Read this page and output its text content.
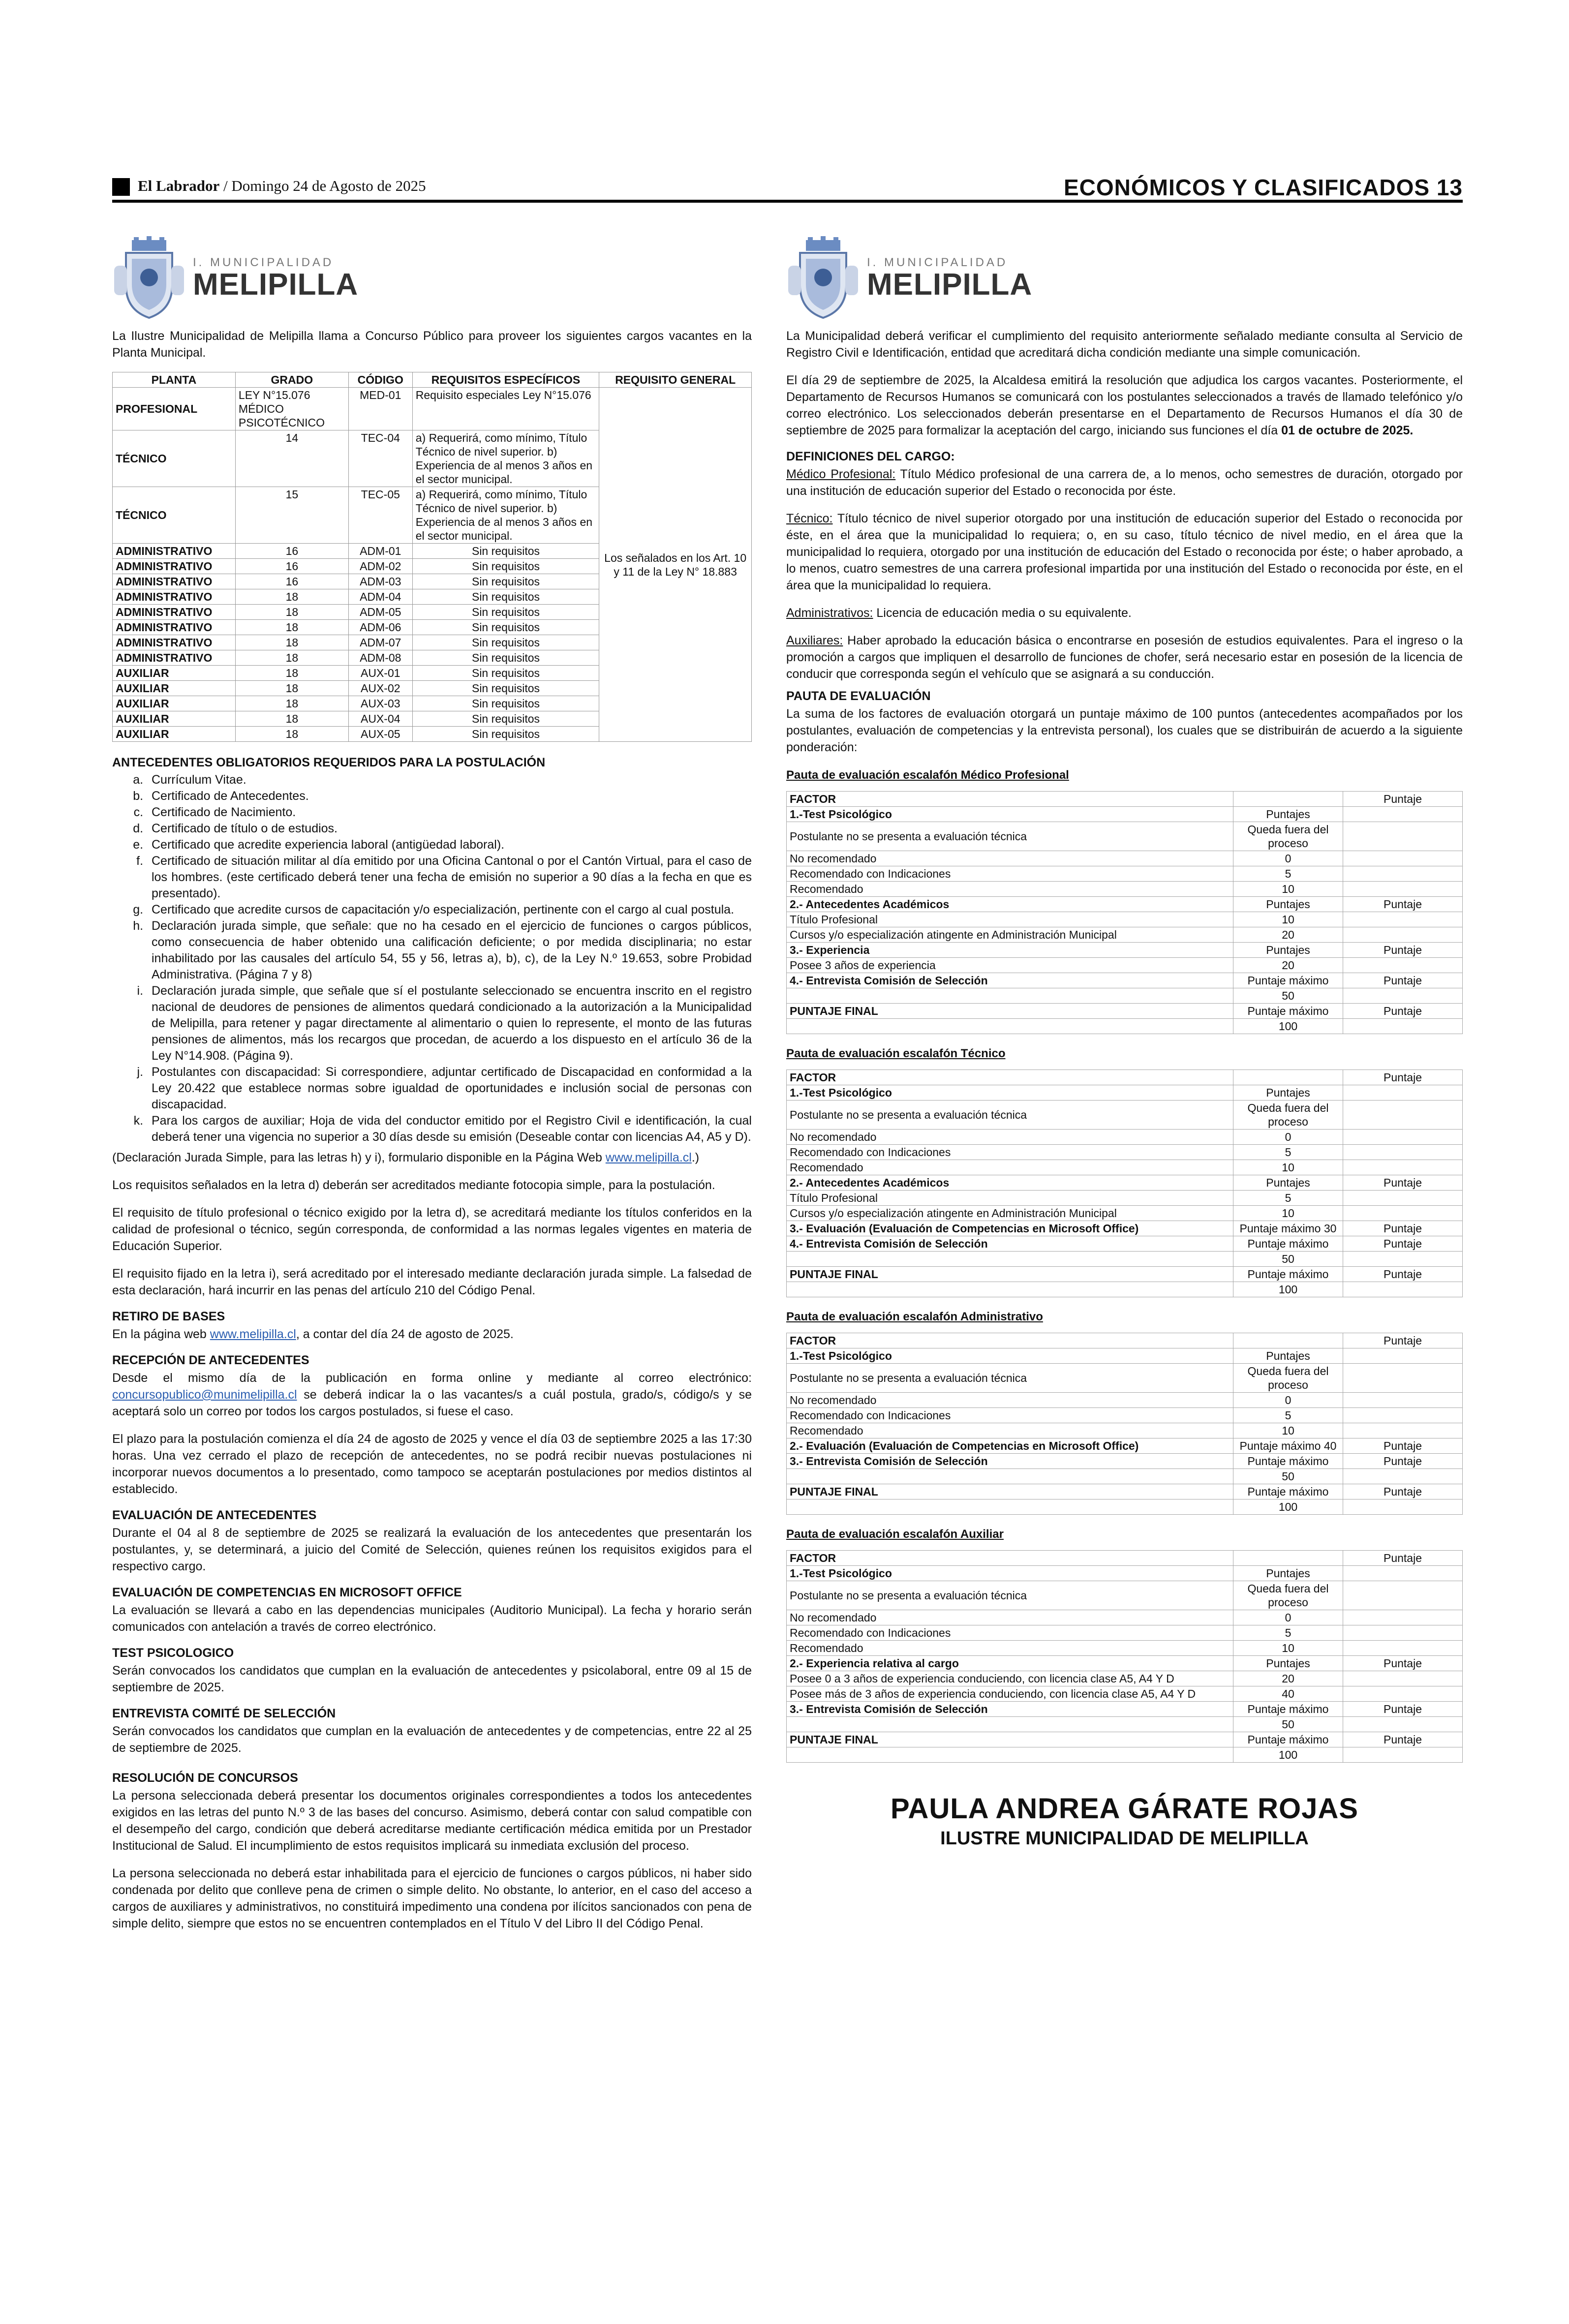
El Labrador / Domingo 24 de Agosto de 2025	ECONÓMICOS Y CLASIFICADOS 13
I. MUNICIPALIDAD
MELIPILLA

La Ilustre Municipalidad de Melipilla llama a Concurso Público para proveer los siguientes cargos vacantes en la Planta Municipal.

PLANTA	GRADO	CÓDIGO	REQUISITOS ESPECÍFICOS	REQUISITO GENERAL
PROFESIONAL	LEY N°15.076 MÉDICO PSICOTÉCNICO	MED-01	Requisito especiales Ley N°15.076	Los señalados en los Art. 10 y 11 de la Ley N° 18.883
TÉCNICO	14	TEC-04	a) Requerirá, como mínimo, Título Técnico de nivel superior. b) Experiencia de al menos 3 años en el sector municipal.	
TÉCNICO	15	TEC-05	a) Requerirá, como mínimo, Título Técnico de nivel superior. b) Experiencia de al menos 3 años en el sector municipal.	
ADMINISTRATIVO	16	ADM-01	Sin requisitos	
ADMINISTRATIVO	16	ADM-02	Sin requisitos	
ADMINISTRATIVO	16	ADM-03	Sin requisitos	
ADMINISTRATIVO	18	ADM-04	Sin requisitos	
ADMINISTRATIVO	18	ADM-05	Sin requisitos	
ADMINISTRATIVO	18	ADM-06	Sin requisitos	
ADMINISTRATIVO	18	ADM-07	Sin requisitos	
ADMINISTRATIVO	18	ADM-08	Sin requisitos	
AUXILIAR	18	AUX-01	Sin requisitos	
AUXILIAR	18	AUX-02	Sin requisitos	
AUXILIAR	18	AUX-03	Sin requisitos	
AUXILIAR	18	AUX-04	Sin requisitos	
AUXILIAR	18	AUX-05	Sin requisitos	
ANTECEDENTES OBLIGATORIOS REQUERIDOS PARA LA POSTULACIÓN
a. Currículum Vitae.
b. Certificado de Antecedentes.
c. Certificado de Nacimiento.
d. Certificado de título o de estudios.
e. Certificado que acredite experiencia laboral (antigüedad laboral).
f. Certificado de situación militar al día emitido por una Oficina Cantonal o por el Cantón Virtual, para el caso de los hombres. (este certificado deberá tener una fecha de emisión no superior a 90 días a la fecha en que es presentado).
g. Certificado que acredite cursos de capacitación y/o especialización, pertinente con el cargo al cual postula.
h. Declaración jurada simple, que señale: que no ha cesado en el ejercicio de funciones o cargos públicos, como consecuencia de haber obtenido una calificación deficiente; o por medida disciplinaria; no estar inhabilitado por las causales del artículo 54, 55 y 56, letras a), b), c), de la Ley N.º 19.653, sobre Probidad Administrativa. (Página 7 y 8)
i. Declaración jurada simple, que señale que sí el postulante seleccionado se encuentra inscrito en el registro nacional de deudores de pensiones de alimentos quedará condicionado a la autorización a la Municipalidad de Melipilla, para retener y pagar directamente al alimentario o quien lo represente, el monto de las futuras pensiones de alimentos, más los recargos que procedan, de acuerdo a los dispuesto en el artículo 36 de la Ley N°14.908. (Página 9).
j. Postulantes con discapacidad: Si correspondiere, adjuntar certificado de Discapacidad en conformidad a la Ley 20.422 que establece normas sobre igualdad de oportunidades e inclusión social de personas con discapacidad.
k. Para los cargos de auxiliar; Hoja de vida del conductor emitido por el Registro Civil e identificación, la cual deberá tener una vigencia no superior a 30 días desde su emisión (Deseable contar con licencias A4, A5 y D).

(Declaración Jurada Simple, para las letras h) y i), formulario disponible en la Página Web www.melipilla.cl.)

Los requisitos señalados en la letra d) deberán ser acreditados mediante fotocopia simple, para la postulación.

El requisito de título profesional o técnico exigido por la letra d), se acreditará mediante los títulos conferidos en la calidad de profesional o técnico, según corresponda, de conformidad a las normas legales vigentes en materia de Educación Superior.

El requisito fijado en la letra i), será acreditado por el interesado mediante declaración jurada simple. La falsedad de esta declaración, hará incurrir en las penas del artículo 210 del Código Penal.

RETIRO DE BASES

En la página web www.melipilla.cl, a contar del día 24 de agosto de 2025.

RECEPCIÓN DE ANTECEDENTES

Desde el mismo día de la publicación en forma online y mediante al correo electrónico: concursopublico@munimelipilla.cl se deberá indicar la o las vacantes/s a cuál postula, grado/s, código/s y se aceptará solo un correo por todos los cargos postulados, si fuese el caso.

El plazo para la postulación comienza el día 24 de agosto de 2025 y vence el día 03 de septiembre 2025 a las 17:30 horas. Una vez cerrado el plazo de recepción de antecedentes, no se podrá recibir nuevas postulaciones ni incorporar nuevos documentos a lo presentado, como tampoco se aceptarán postulaciones por medios distintos al establecido.

EVALUACIÓN DE ANTECEDENTES

Durante el 04 al 8 de septiembre de 2025 se realizará la evaluación de los antecedentes que presentarán los postulantes, y, se determinará, a juicio del Comité de Selección, quienes reúnen los requisitos exigidos para el respectivo cargo.

EVALUACIÓN DE COMPETENCIAS EN MICROSOFT OFFICE

La evaluación se llevará a cabo en las dependencias municipales (Auditorio Municipal). La fecha y horario serán comunicados con antelación a través de correo electrónico.

TEST PSICOLOGICO

Serán convocados los candidatos que cumplan en la evaluación de antecedentes y psicolaboral, entre 09 al 15 de septiembre de 2025.

ENTREVISTA COMITÉ DE SELECCIÓN

Serán convocados los candidatos que cumplan en la evaluación de antecedentes y de competencias, entre 22 al 25 de septiembre de 2025.

RESOLUCIÓN DE CONCURSOS

La persona seleccionada deberá presentar los documentos originales correspondientes a todos los antecedentes exigidos en las letras del punto N.º 3 de las bases del concurso. Asimismo, deberá contar con salud compatible con el desempeño del cargo, condición que deberá acreditarse mediante certificación médica emitida por un Prestador Institucional de Salud. El incumplimiento de estos requisitos implicará su inmediata exclusión del proceso.

La persona seleccionada no deberá estar inhabilitada para el ejercicio de funciones o cargos públicos, ni haber sido condenada por delito que conlleve pena de crimen o simple delito. No obstante, lo anterior, en el caso del acceso a cargos de auxiliares y administrativos, no constituirá impedimento una condena por ilícitos sancionados con pena de simple delito, siempre que estos no se encuentren contemplados en el Título V del Libro II del Código Penal.

I. MUNICIPALIDAD
MELIPILLA

La Municipalidad deberá verificar el cumplimiento del requisito anteriormente señalado mediante consulta al Servicio de Registro Civil e Identificación, entidad que acreditará dicha condición mediante una simple comunicación.

El día 29 de septiembre de 2025, la Alcaldesa emitirá la resolución que adjudica los cargos vacantes. Posteriormente, el Departamento de Recursos Humanos se comunicará con los postulantes seleccionados a través de llamado telefónico y/o correo electrónico. Los seleccionados deberán presentarse en el Departamento de Recursos Humanos el día 30 de septiembre de 2025 para formalizar la aceptación del cargo, iniciando sus funciones el día 01 de octubre de 2025.

DEFINICIONES DEL CARGO:

Médico Profesional: Título Médico profesional de una carrera de, a lo menos, ocho semestres de duración, otorgado por una institución de educación superior del Estado o reconocida por éste.

Técnico: Título técnico de nivel superior otorgado por una institución de educación superior del Estado o reconocida por éste, en el área que la municipalidad lo requiera; o, en su caso, título técnico de nivel medio, en el área que la municipalidad lo requiera, otorgado por una institución de educación del Estado o reconocida por éste; o haber aprobado, a lo menos, cuatro semestres de una carrera profesional impartida por una institución del Estado o reconocida por éste, en el área que la municipalidad lo requiera.

Administrativos: Licencia de educación media o su equivalente.

Auxiliares: Haber aprobado la educación básica o encontrarse en posesión de estudios equivalentes. Para el ingreso o la promoción a cargos que impliquen el desarrollo de funciones de chofer, será necesario estar en posesión de la licencia de conducir que corresponda según el vehículo que se asignará a su conducción.

PAUTA DE EVALUACIÓN

La suma de los factores de evaluación otorgará un puntaje máximo de 100 puntos (antecedentes acompañados por los postulantes, evaluación de competencias y la entrevista personal), los cuales que se distribuirán de acuerdo a la siguiente ponderación:

Pauta de evaluación escalafón Médico Profesional
FACTOR		Puntaje
1.-Test Psicológico	Puntajes	
Postulante no se presenta a evaluación técnica	Queda fuera del proceso	
No recomendado	0	
Recomendado con Indicaciones	5	
Recomendado	10	
2.- Antecedentes Académicos	Puntajes	Puntaje
Título Profesional	10	
Cursos y/o especialización atingente en Administración Municipal	20	
3.- Experiencia	Puntajes	Puntaje
Posee 3 años de experiencia	20	
4.- Entrevista Comisión de Selección	Puntaje máximo	Puntaje
	50	
PUNTAJE FINAL	Puntaje máximo	Puntaje
	100	
Pauta de evaluación escalafón Técnico
FACTOR		Puntaje
1.-Test Psicológico	Puntajes	
Postulante no se presenta a evaluación técnica	Queda fuera del proceso	
No recomendado	0	
Recomendado con Indicaciones	5	
Recomendado	10	
2.- Antecedentes Académicos	Puntajes	Puntaje
Título Profesional	5	
Cursos y/o especialización atingente en Administración Municipal	10	
3.- Evaluación (Evaluación de Competencias en Microsoft Office)	Puntaje máximo 30	Puntaje
4.- Entrevista Comisión de Selección	Puntaje máximo	Puntaje
	50	
PUNTAJE FINAL	Puntaje máximo	Puntaje
	100	
Pauta de evaluación escalafón Administrativo
FACTOR		Puntaje
1.-Test Psicológico	Puntajes	
Postulante no se presenta a evaluación técnica	Queda fuera del proceso	
No recomendado	0	
Recomendado con Indicaciones	5	
Recomendado	10	
2.- Evaluación (Evaluación de Competencias en Microsoft Office)	Puntaje máximo 40	Puntaje
3.- Entrevista Comisión de Selección	Puntaje máximo	Puntaje
	50	
PUNTAJE FINAL	Puntaje máximo	Puntaje
	100	
Pauta de evaluación escalafón Auxiliar
FACTOR		Puntaje
1.-Test Psicológico	Puntajes	
Postulante no se presenta a evaluación técnica	Queda fuera del proceso	
No recomendado	0	
Recomendado con Indicaciones	5	
Recomendado	10	
2.- Experiencia relativa al cargo	Puntajes	Puntaje
Posee 0 a 3 años de experiencia conduciendo, con licencia clase A5, A4 Y D	20	
Posee más de 3 años de experiencia conduciendo, con licencia clase A5, A4 Y D	40	
3.- Entrevista Comisión de Selección	Puntaje máximo	Puntaje
	50	
PUNTAJE FINAL	Puntaje máximo	Puntaje
	100	
PAULA ANDREA GÁRATE ROJAS
ILUSTRE MUNICIPALIDAD DE MELIPILLA
